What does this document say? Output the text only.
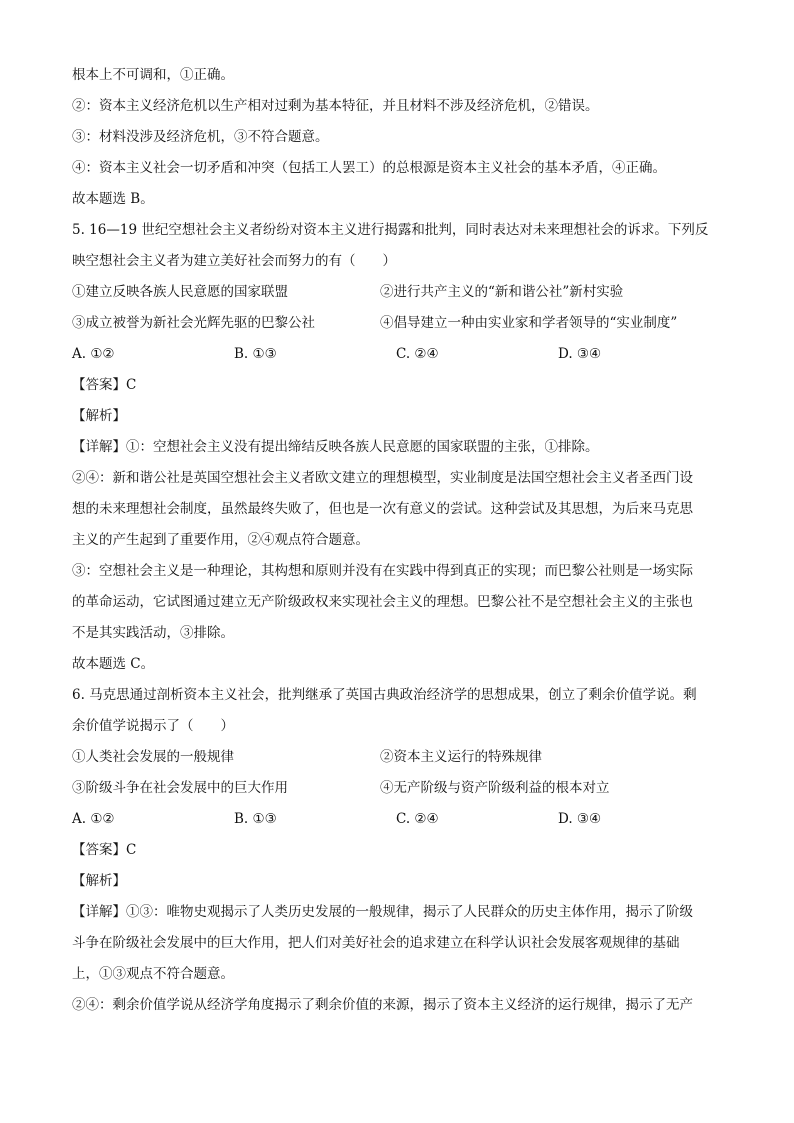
根本上不可调和，①正确。
②：资本主义经济危机以生产相对过剩为基本特征，并且材料不涉及经济危机，②错误。
③：材料没涉及经济危机，③不符合题意。
④：资本主义社会一切矛盾和冲突（包括工人罢工）的总根源是资本主义社会的基本矛盾，④正确。
故本题选 B。
5. 16—19 世纪空想社会主义者纷纷对资本主义进行揭露和批判，同时表达对未来理想社会的诉求。下列反
映空想社会主义者为建立美好社会而努力的有（　　）
①建立反映各族人民意愿的国家联盟	②进行共产主义的“新和谐公社”新村实验
③成立被誉为新社会光辉先驱的巴黎公社	④倡导建立一种由实业家和学者领导的“实业制度”
A. ①②	B. ①③	C. ②④	D. ③④
【答案】C
【解析】
【详解】①：空想社会主义没有提出缔结反映各族人民意愿的国家联盟的主张，①排除。
②④：新和谐公社是英国空想社会主义者欧文建立的理想模型，实业制度是法国空想社会主义者圣西门设
想的未来理想社会制度，虽然最终失败了，但也是一次有意义的尝试。这种尝试及其思想，为后来马克思
主义的产生起到了重要作用，②④观点符合题意。
③：空想社会主义是一种理论，其构想和原则并没有在实践中得到真正的实现；而巴黎公社则是一场实际
的革命运动，它试图通过建立无产阶级政权来实现社会主义的理想。巴黎公社不是空想社会主义的主张也
不是其实践活动，③排除。
故本题选 C。
6. 马克思通过剖析资本主义社会，批判继承了英国古典政治经济学的思想成果，创立了剩余价值学说。剩
余价值学说揭示了（　　）
①人类社会发展的一般规律	②资本主义运行的特殊规律
③阶级斗争在社会发展中的巨大作用	④无产阶级与资产阶级利益的根本对立
A. ①②	B. ①③	C. ②④	D. ③④
【答案】C
【解析】
【详解】①③：唯物史观揭示了人类历史发展的一般规律，揭示了人民群众的历史主体作用，揭示了阶级
斗争在阶级社会发展中的巨大作用，把人们对美好社会的追求建立在科学认识社会发展客观规律的基础
上，①③观点不符合题意。
②④：剩余价值学说从经济学角度揭示了剩余价值的来源，揭示了资本主义经济的运行规律，揭示了无产
